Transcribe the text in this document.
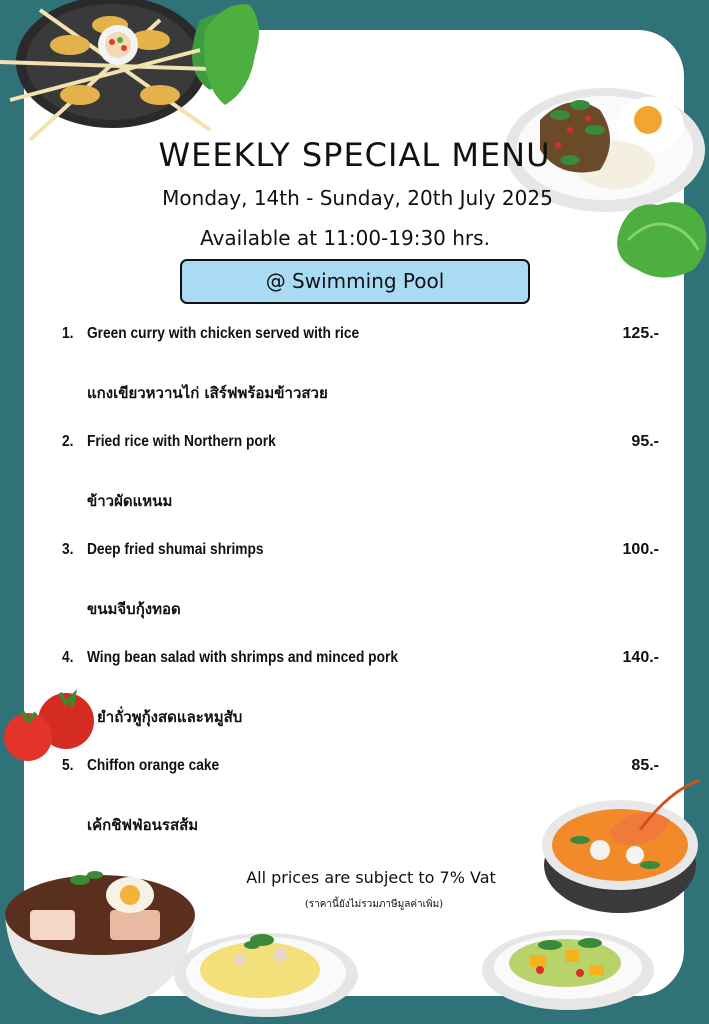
WEEKLY SPECIAL MENU
Monday, 14th - Sunday, 20th July 2025
Available at 11:00-19:30 hrs.
@ Swimming Pool
1. Green curry with chicken served with rice	125.-
แกงเขียวหวานไก่ เสิร์ฟพร้อมข้าวสวย
2. Fried rice with Northern pork	95.-
ข้าวผัดแหนม
3. Deep fried shumai shrimps	100.-
ขนมจีบกุ้งทอด
4. Wing bean salad with shrimps and minced pork	140.-
ยำถั่วพูกุ้งสดและหมูสับ
5. Chiffon orange cake	85.-
เค้กชิฟฟ่อนรสส้ม
All prices are subject to 7% Vat
(ราคานี้ยังไม่รวมภาษีมูลค่าเพิ่ม)
